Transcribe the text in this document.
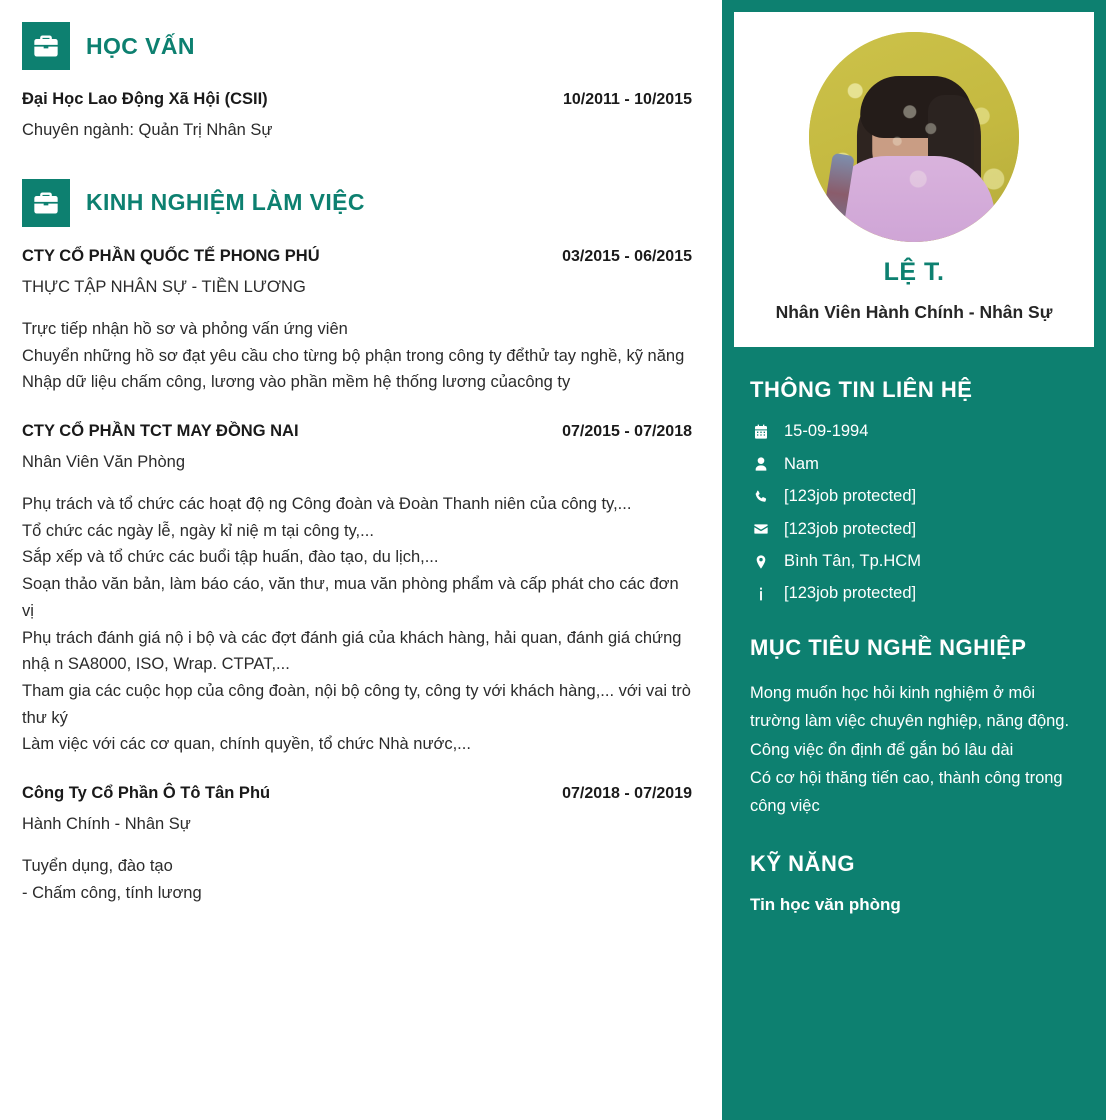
HỌC VẤN
Đại Học Lao Động Xã Hội (CSII)	10/2011 - 10/2015
Chuyên ngành: Quản Trị Nhân Sự
KINH NGHIỆM LÀM VIỆC
CTY CỔ PHẦN QUỐC TẾ PHONG PHÚ	03/2015 - 06/2015
THỰC TẬP NHÂN SỰ - TIỀN LƯƠNG
Trực tiếp nhận hồ sơ và phỏng vấn ứng viên
Chuyển những hồ sơ đạt yêu cầu cho từng bộ phận trong công ty đểthử tay nghề, kỹ năng
Nhập dữ liệu chấm công, lương vào phần mềm hệ thống lương củacông ty
CTY CỔ PHẦN TCT MAY ĐỒNG NAI	07/2015 - 07/2018
Nhân Viên Văn Phòng
Phụ trách và tổ chức các hoạt độ ng Công đoàn và Đoàn Thanh niên của công ty,...
Tổ chức các ngày lễ, ngày kỉ niệ m tại công ty,...
Sắp xếp và tổ chức các buổi tập huấn, đào tạo, du lịch,...
Soạn thảo văn bản, làm báo cáo, văn thư, mua văn phòng phẩm và cấp phát cho các đơn vị
Phụ trách đánh giá nộ i bộ và các đợt đánh giá của khách hàng, hải quan, đánh giá chứng nhậ n SA8000, ISO, Wrap. CTPAT,...
Tham gia các cuộc họp của công đoàn, nội bộ công ty, công ty với khách hàng,... với vai trò thư ký
Làm việc với các cơ quan, chính quyền, tổ chức Nhà nước,...
Công Ty Cổ Phần Ô Tô Tân Phú	07/2018 - 07/2019
Hành Chính - Nhân Sự
Tuyển dụng, đào tạo
- Chấm công, tính lương
LỆ T.
Nhân Viên Hành Chính - Nhân Sự
THÔNG TIN LIÊN HỆ
15-09-1994
Nam
[123job protected]
[123job protected]
Bình Tân, Tp.HCM
[123job protected]
MỤC TIÊU NGHỀ NGHIỆP
Mong muốn học hỏi kinh nghiệm ở môi trường làm việc chuyên nghiệp, năng động.
Công việc ổn định để gắn bó lâu dài
Có cơ hội thăng tiến cao, thành công trong công việc
KỸ NĂNG
Tin học văn phòng
